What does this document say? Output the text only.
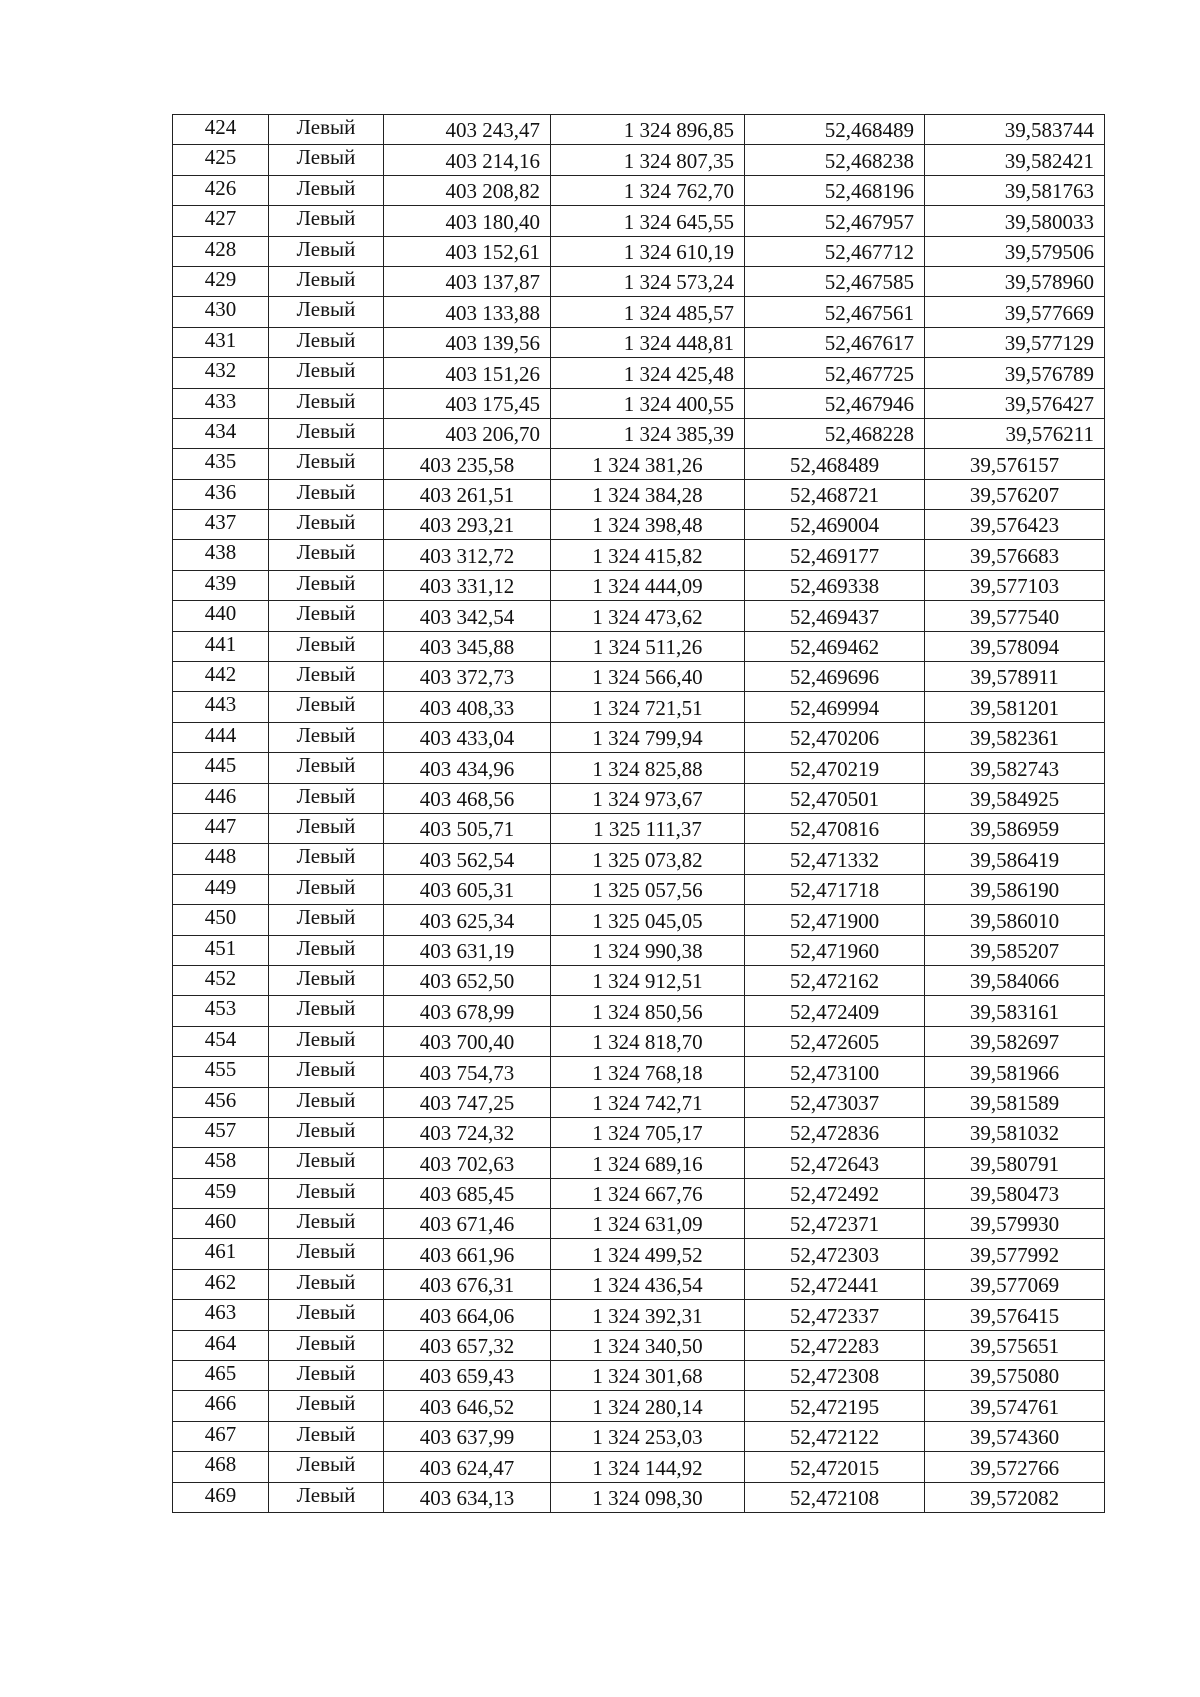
424	Левый	403 243,47	1 324 896,85	52,468489	39,583744
425	Левый	403 214,16	1 324 807,35	52,468238	39,582421
426	Левый	403 208,82	1 324 762,70	52,468196	39,581763
427	Левый	403 180,40	1 324 645,55	52,467957	39,580033
428	Левый	403 152,61	1 324 610,19	52,467712	39,579506
429	Левый	403 137,87	1 324 573,24	52,467585	39,578960
430	Левый	403 133,88	1 324 485,57	52,467561	39,577669
431	Левый	403 139,56	1 324 448,81	52,467617	39,577129
432	Левый	403 151,26	1 324 425,48	52,467725	39,576789
433	Левый	403 175,45	1 324 400,55	52,467946	39,576427
434	Левый	403 206,70	1 324 385,39	52,468228	39,576211
435	Левый	403 235,58	1 324 381,26	52,468489	39,576157
436	Левый	403 261,51	1 324 384,28	52,468721	39,576207
437	Левый	403 293,21	1 324 398,48	52,469004	39,576423
438	Левый	403 312,72	1 324 415,82	52,469177	39,576683
439	Левый	403 331,12	1 324 444,09	52,469338	39,577103
440	Левый	403 342,54	1 324 473,62	52,469437	39,577540
441	Левый	403 345,88	1 324 511,26	52,469462	39,578094
442	Левый	403 372,73	1 324 566,40	52,469696	39,578911
443	Левый	403 408,33	1 324 721,51	52,469994	39,581201
444	Левый	403 433,04	1 324 799,94	52,470206	39,582361
445	Левый	403 434,96	1 324 825,88	52,470219	39,582743
446	Левый	403 468,56	1 324 973,67	52,470501	39,584925
447	Левый	403 505,71	1 325 111,37	52,470816	39,586959
448	Левый	403 562,54	1 325 073,82	52,471332	39,586419
449	Левый	403 605,31	1 325 057,56	52,471718	39,586190
450	Левый	403 625,34	1 325 045,05	52,471900	39,586010
451	Левый	403 631,19	1 324 990,38	52,471960	39,585207
452	Левый	403 652,50	1 324 912,51	52,472162	39,584066
453	Левый	403 678,99	1 324 850,56	52,472409	39,583161
454	Левый	403 700,40	1 324 818,70	52,472605	39,582697
455	Левый	403 754,73	1 324 768,18	52,473100	39,581966
456	Левый	403 747,25	1 324 742,71	52,473037	39,581589
457	Левый	403 724,32	1 324 705,17	52,472836	39,581032
458	Левый	403 702,63	1 324 689,16	52,472643	39,580791
459	Левый	403 685,45	1 324 667,76	52,472492	39,580473
460	Левый	403 671,46	1 324 631,09	52,472371	39,579930
461	Левый	403 661,96	1 324 499,52	52,472303	39,577992
462	Левый	403 676,31	1 324 436,54	52,472441	39,577069
463	Левый	403 664,06	1 324 392,31	52,472337	39,576415
464	Левый	403 657,32	1 324 340,50	52,472283	39,575651
465	Левый	403 659,43	1 324 301,68	52,472308	39,575080
466	Левый	403 646,52	1 324 280,14	52,472195	39,574761
467	Левый	403 637,99	1 324 253,03	52,472122	39,574360
468	Левый	403 624,47	1 324 144,92	52,472015	39,572766
469	Левый	403 634,13	1 324 098,30	52,472108	39,572082
